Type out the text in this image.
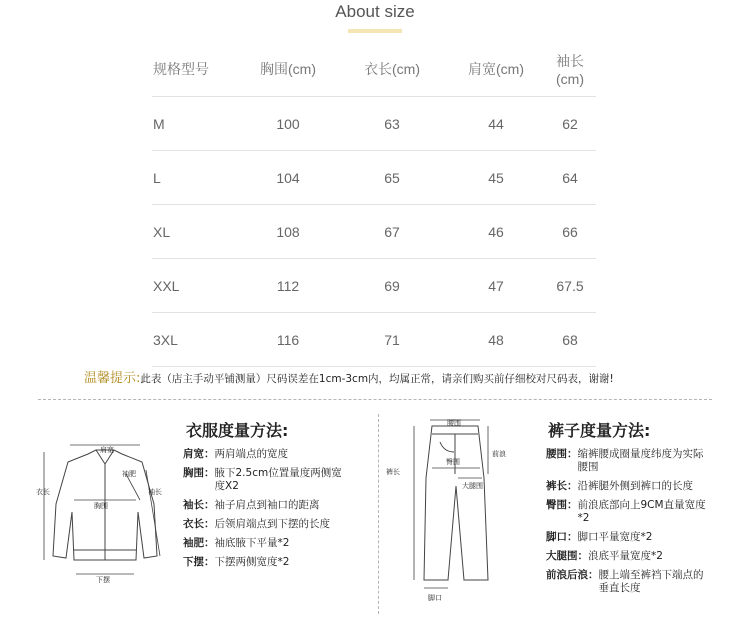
About size
规格型号	胸围(cm)	衣长(cm)	肩宽(cm)	袖长(cm)
M	100	63	44	62
L	104	65	45	64
XL	108	67	46	66
XXL	112	69	47	67.5
3XL	116	71	48	68
温馨提示:此表（店主手动平铺测量）尺码误差在1cm-3cm内，均属正常，请亲们购买前仔细校对尺码表，谢谢!
肩宽
衣长
袖肥
胸围
袖长
下摆
衣服度量方法:
肩宽： 两肩端点的宽度
胸围： 腋下2.5cm位置量度两侧宽度X2
袖长： 袖子肩点到袖口的距离
衣长： 后领肩端点到下摆的长度
袖肥： 袖底腋下平量*2
下摆： 下摆两侧宽度*2
腰围
裤长
前浪
臀围
大腿围
脚口
裤子度量方法:
腰围： 缩裤腰成圈量度纬度为实际腰围
裤长： 沿裤腿外侧到裤口的长度
臀围： 前浪底部向上9CM直量宽度*2
脚口： 脚口平量宽度*2
大腿围： 浪底平量宽度*2
前浪后浪： 腰上端至裤裆下端点的垂直长度
